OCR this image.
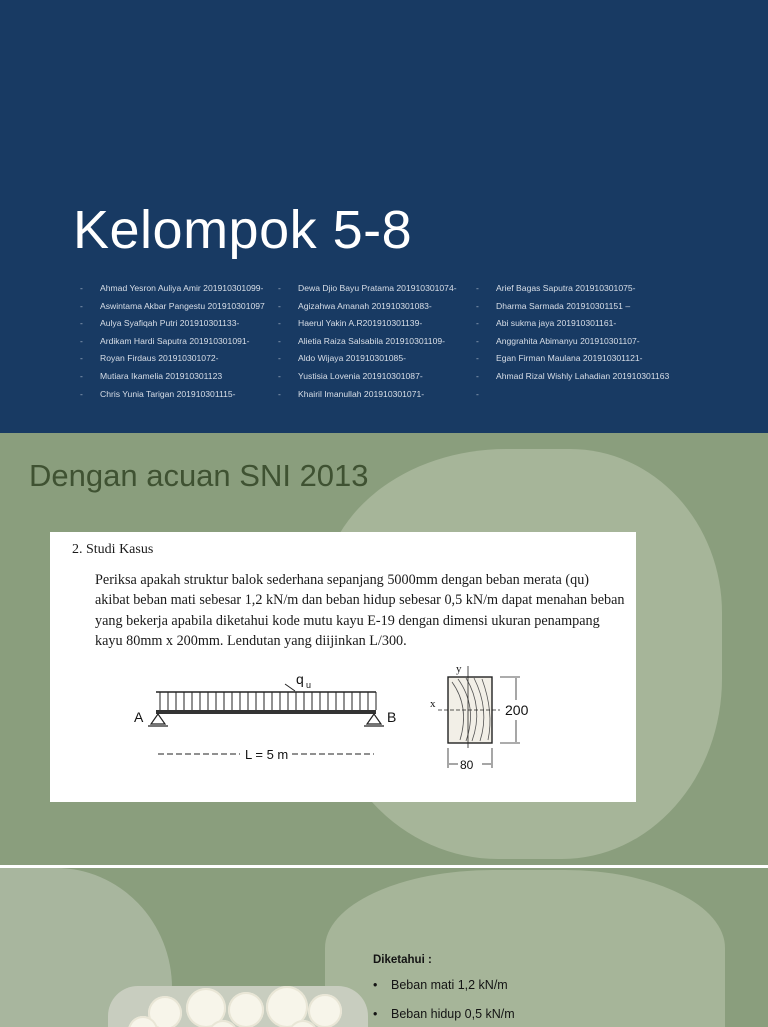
Kelompok 5-8
- Ahmad Yesron Auliya Amir 201910301099-
- Aswintama Akbar Pangestu 201910301097
- Aulya Syafiqah Putri 201910301133-
- Ardikam Hardi Saputra 201910301091-
- Royan Firdaus 201910301072-
- Mutiara Ikamelia 201910301123
- Chris Yunia Tarigan 201910301115-
- Dewa Djio Bayu Pratama 201910301074-
- Agizahwa Amanah 201910301083-
- Haerul Yakin A.R201910301139-
- Alietia Raiza Salsabila 201910301109-
- Aldo Wijaya 201910301085-
- Yustisia Lovenia 201910301087-
- Khairil Imanullah 201910301071-
- Arief Bagas Saputra 201910301075-
- Dharma Sarmada 201910301151 –
- Abi sukma jaya 201910301161-
- Anggrahita Abimanyu 201910301107-
- Egan Firman Maulana 201910301121-
- Ahmad Rizal Wishly Lahadian 201910301163
-
Dengan acuan SNI 2013
2. Studi Kasus

Periksa apakah struktur balok sederhana sepanjang 5000mm dengan beban merata (qu) akibat beban mati sebesar 1,2 kN/m dan beban hidup sebesar 0,5 kN/m dapat menahan beban yang bekerja apabila diketahui kode mutu kayu E-19 dengan dimensi ukuran penampang kayu 80mm x 200mm. Lendutan yang diijinkan L/300.

q u
A	B
L = 5 m
y
x	200
80
Diketahui :
• Beban mati 1,2 kN/m
• Beban hidup 0,5 kN/m
